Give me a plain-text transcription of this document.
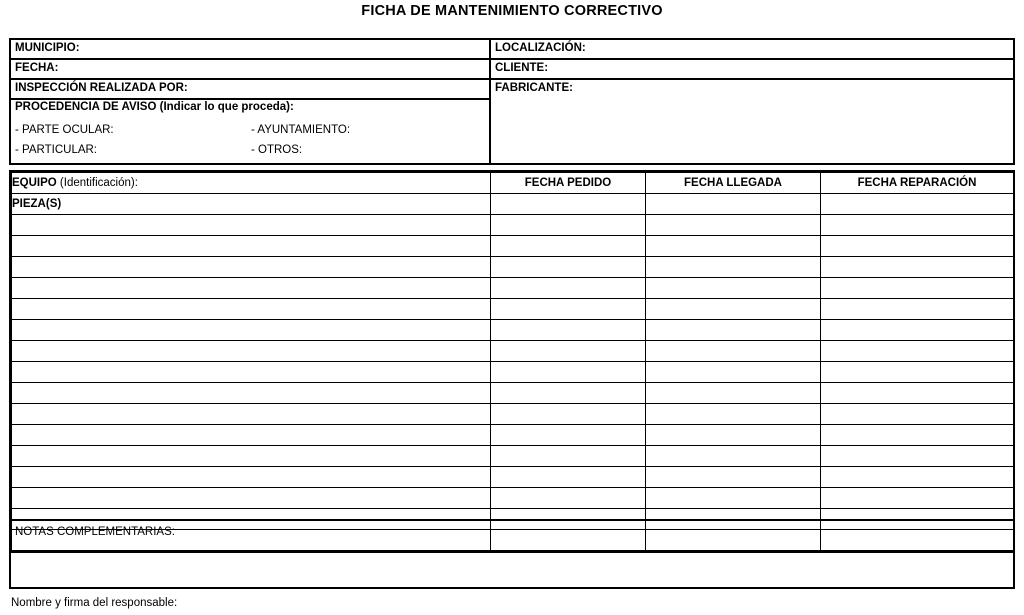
FICHA DE MANTENIMIENTO CORRECTIVO
MUNICIPIO:
FECHA:
INSPECCIÓN REALIZADA POR:
PROCEDENCIA DE AVISO (Indicar lo que proceda):
- PARTE OCULAR:	- AYUNTAMIENTO:
- PARTICULAR:	- OTROS:
LOCALIZACIÓN:
CLIENTE:
FABRICANTE:
EQUIPO (Identificación):	FECHA PEDIDO	FECHA LLEGADA	FECHA REPARACIÓN
PIEZA(S)			

NOTAS COMPLEMENTARIAS:
Nombre y firma del responsable:
